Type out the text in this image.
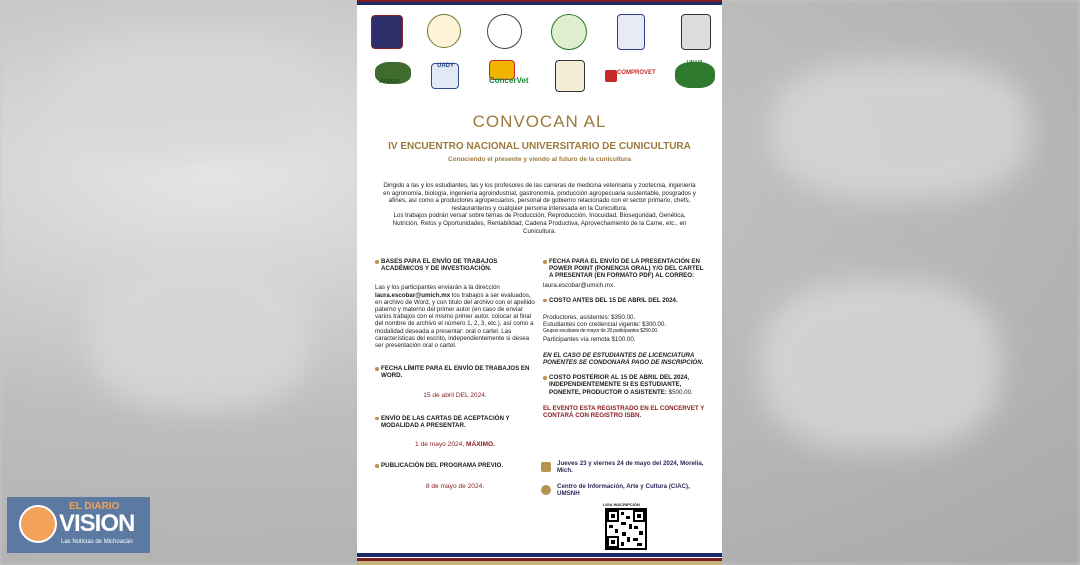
Arcun
UADY
ConcerVet
COMPROVET
UNAM
CONVOCAN AL
IV ENCUENTRO NACIONAL UNIVERSITARIO DE CUNICULTURA
Conociendo el presente y viendo al futuro de la cunicultura
Dirigido a las y los estudiantes, las y los profesores de las carreras de medicina veterinaria y zootecnia, ingeniería en agronomía, biología, ingeniería agroindustrial, gastronomía, producción agropecuaria sustentable, posgrados y afines, así como a productores agropecuarios, personal de gobierno relacionado con el sector primario, chefs, restauranteros y cualquier persona interesada en la Cunicultura.
Los trabajos podrán versar sobre temas de Producción, Reproducción, Inocuidad, Bioseguridad, Genética, Nutrición, Retos y Oportunidades, Rentabilidad, Cadena Productiva, Aprovechamiento de la Carne, etc., en Cunicultura.
BASES PARA EL ENVÍO DE TRABAJOS ACADÉMICOS Y DE INVESTIGACIÓN.
Las y los participantes enviarán a la dirección laura.escobar@umich.mx los trabajos a ser evaluados, en archivo de Word, y con título del archivo con el apellido paterno y materno del primer autor (en caso de enviar varios trabajos con el mismo primer autor, colocar al final del nombre de archivo el número 1, 2, 3, etc.), así como a modalidad deseada a presentar: oral o cartel. Las características del escrito, independientemente si desea ser presentación oral o cartel.
FECHA LÍMITE PARA EL ENVÍO DE TRABAJOS EN WORD.
15 de abril DEL 2024.
ENVÍO DE LAS CARTAS DE ACEPTACIÓN Y MODALIDAD A PRESENTAR.
1 de mayo 2024, MÁXIMO.
PUBLICACIÓN DEL PROGRAMA PREVIO.
8 de mayo de 2024.
FECHA PARA EL ENVÍO DE LA PRESENTACIÓN EN POWER POINT (PONENCIA ORAL) Y/O DEL CARTEL A PRESENTAR (EN FORMATO PDF) AL CORREO:
laura.escobar@umich.mx.
COSTO ANTES DEL 15 DE ABRIL DEL 2024.
Productores, asistentes: $350.00.
Estudiantes con credencial vigente: $300.00.
Grupos escolares de mayor de 20 participantes $250.00.
Participantes vía remota $100.00.
EN EL CASO DE ESTUDIANTES DE LICENCIATURA PONENTES SE CONDONARÁ PAGO DE INSCRIPCIÓN.
COSTO POSTERIOR AL 15 DE ABRIL DEL 2024, INDEPENDIENTEMENTE SI ES ESTUDIANTE, PONENTE, PRODUCTOR O ASISTENTE: $500.00.
EL EVENTO ESTA REGISTRADO EN EL CONCERVET Y CONTARÁ CON REGISTRO ISBN.
Jueves 23 y viernes 24 de mayo del 2024, Morelia, Mich.
Centro de Información, Arte y Cultura (CIAC), UMSNH
LIGA INSCRIPCIÓN
EL DIARIO
VISION
Las Noticias de Michoacán
